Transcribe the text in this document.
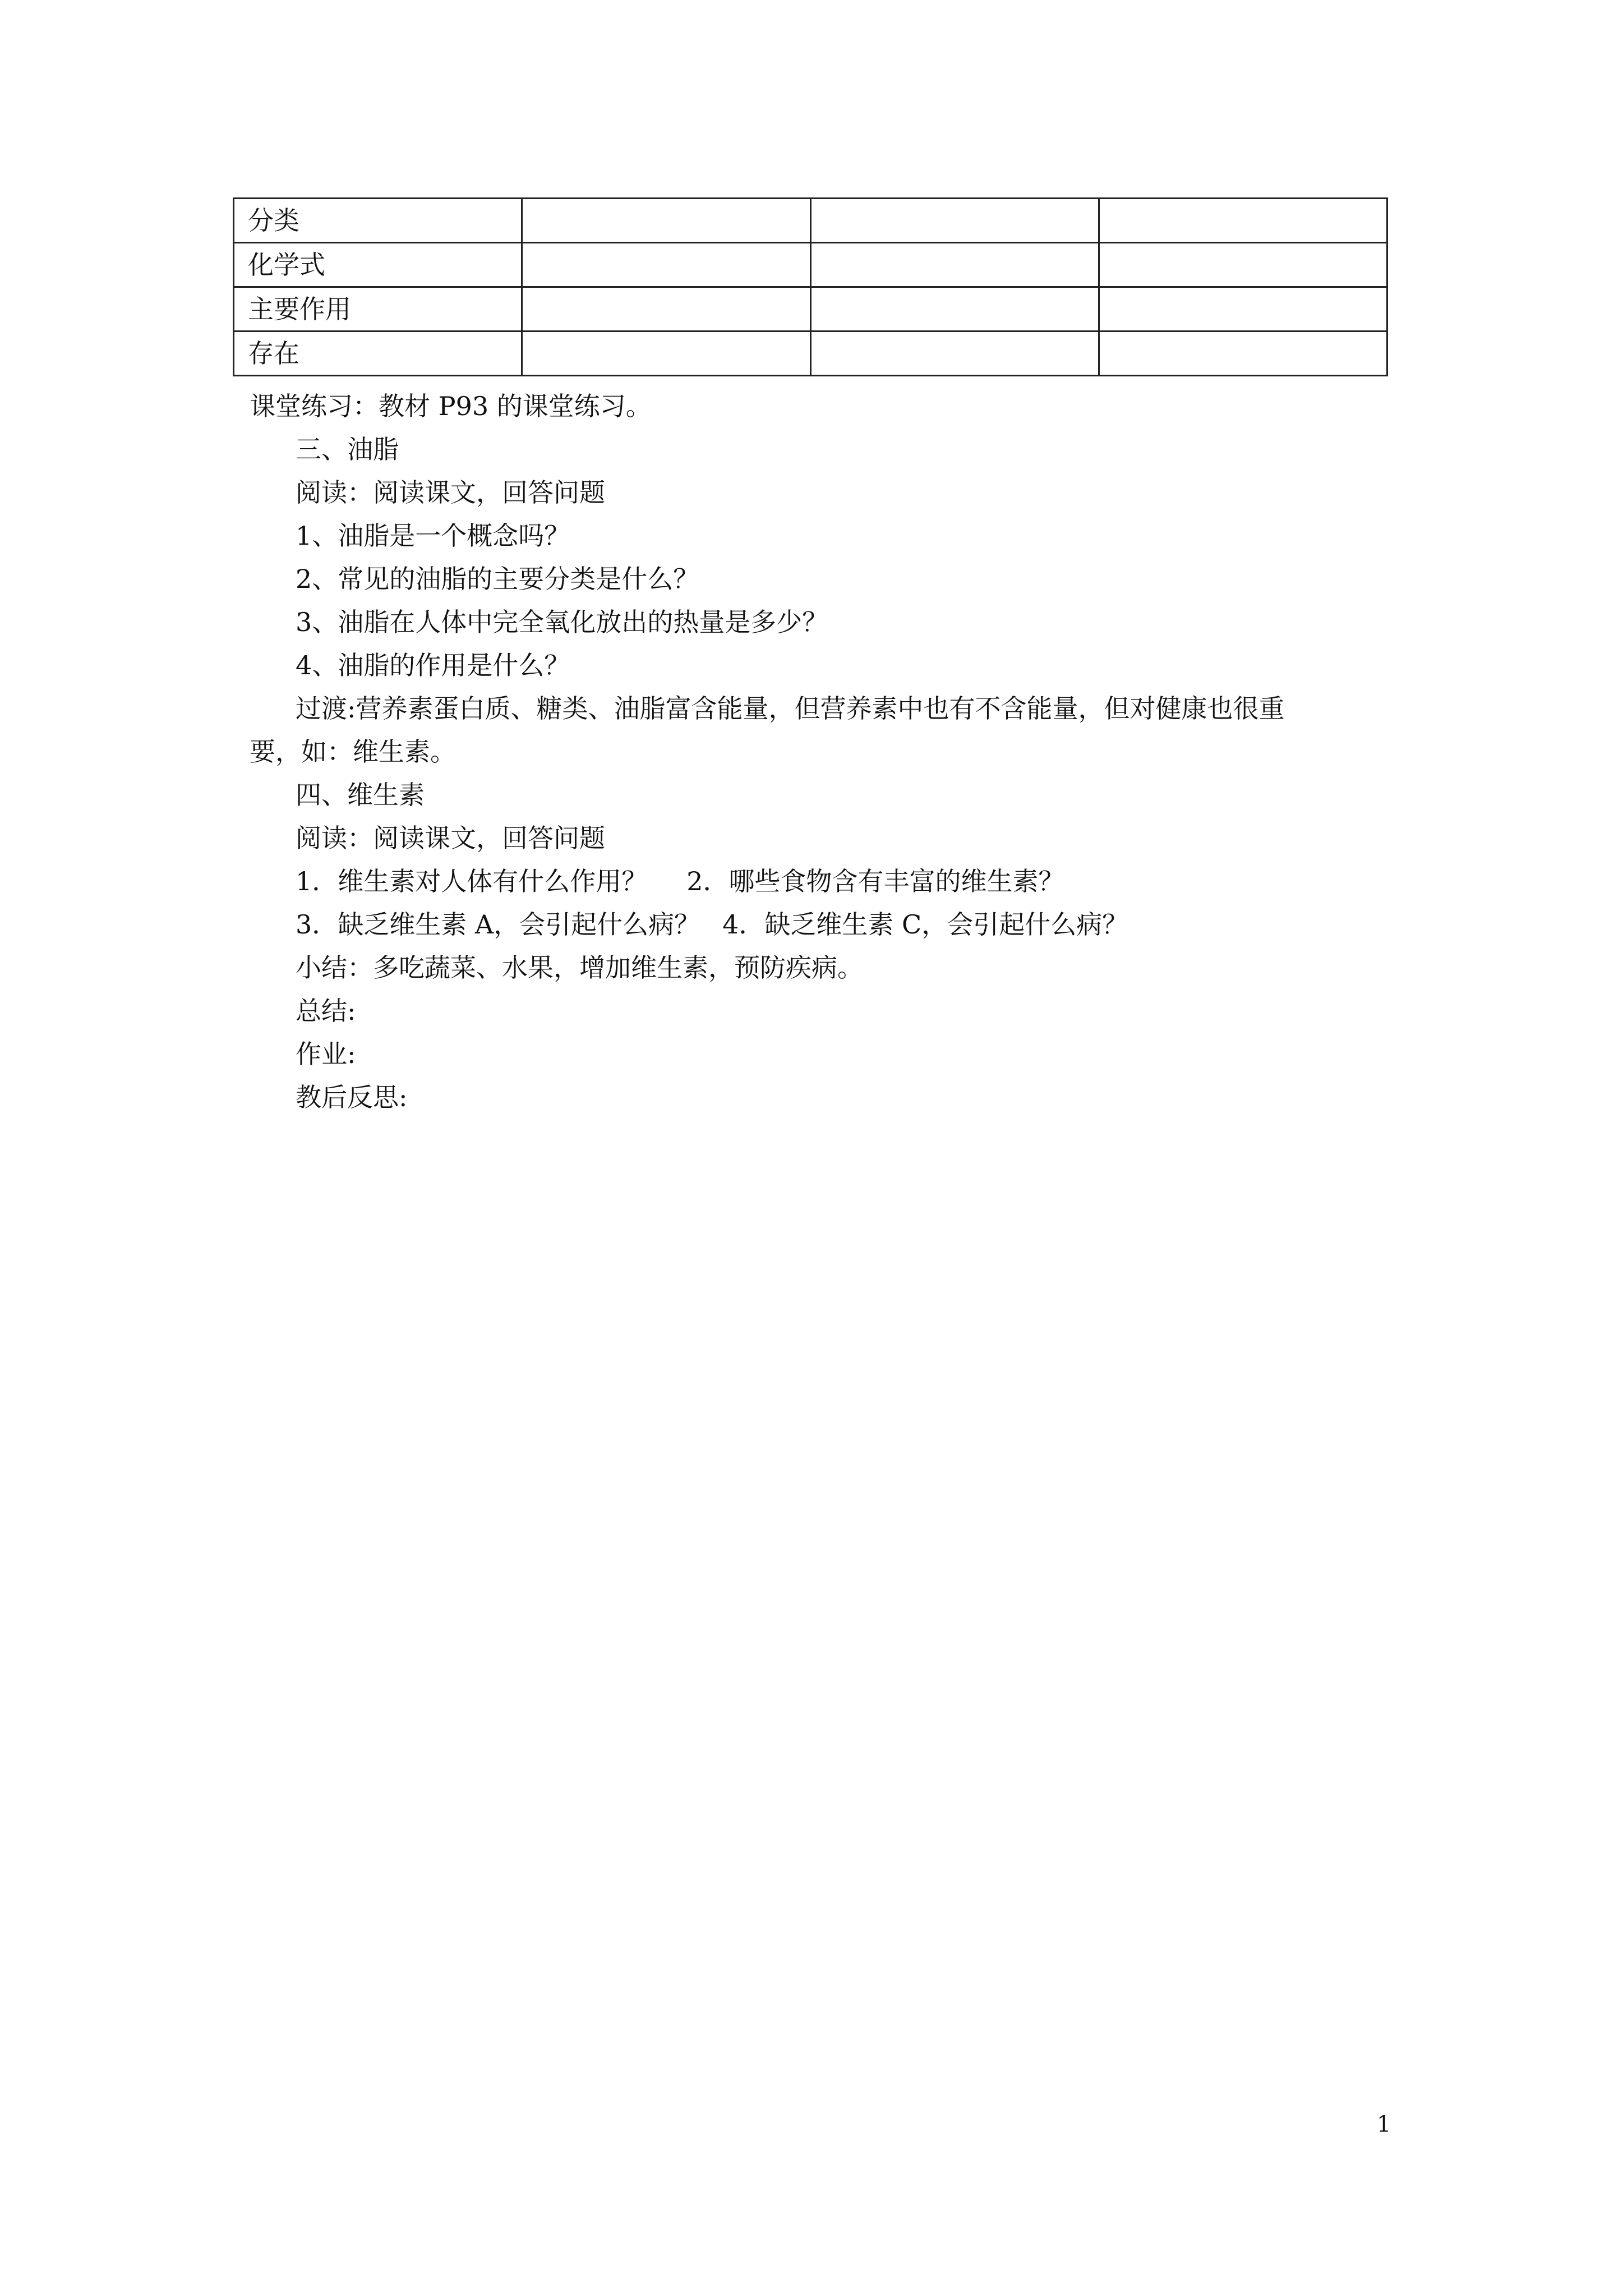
分类			
化学式			
主要作用			
存在			
课堂练习：教材 P93 的课堂练习。
三、油脂
阅读：阅读课文，回答问题
1、油脂是一个概念吗？
2、常见的油脂的主要分类是什么？
3、油脂在人体中完全氧化放出的热量是多少？
4、油脂的作用是什么？
过渡:营养素蛋白质、糖类、油脂富含能量，但营养素中也有不含能量，但对健康也很重
要，如：维生素。
四、维生素
阅读：阅读课文，回答问题
1．维生素对人体有什么作用？ 2．哪些食物含有丰富的维生素？
3．缺乏维生素 A，会引起什么病？ 4．缺乏维生素 C，会引起什么病？
小结：多吃蔬菜、水果，增加维生素，预防疾病。
总结:
作业:
教后反思:
1
